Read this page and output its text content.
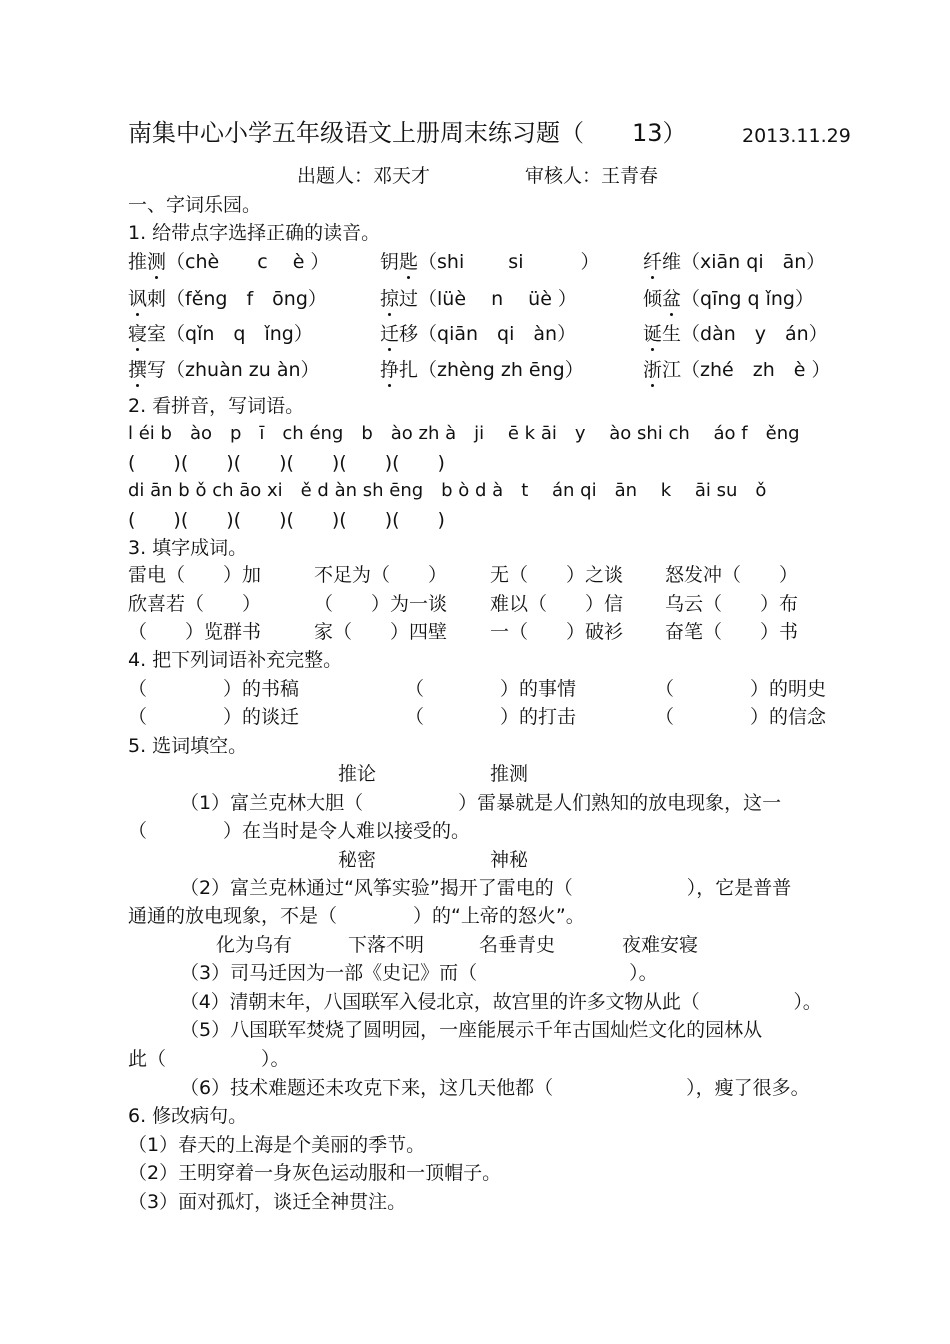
南集中心小学五年级语文上册周末练习题（　　13）	2013.11.29
出题人：邓天才　　　　　审核人：王青春
一、字词乐园。
1. 给带点字选择正确的读音。
推测（chè　　c　 è ）	钥匙（shi　　 si　　　） 纤维（xiān qi　ān）
讽刺（fěng　f　ōng）	掠过（lüè　 n　 üè ）	倾盆（qīng q ǐng）
寝室（qǐn　q　ǐng）	迁移（qiān　qi　àn）	诞生（dàn　y　án）
撰写（zhuàn zu àn）	挣扎（zhèng zh ēng）	浙江（zhé　zh　è ）
2. 看拼音，写词语。
l éi b　ào　p　ī　ch éng　b　ào zh à　ji　 ē k āi　y　 ào shi ch　 áo f　ěng
(　　)(　　)(　　)(　　)(　　)(　　)
di ān b ǒ ch āo xi　ě d àn sh ēng　b ò d à　t　 án qi　ān　 k　 āi su　ǒ
(　　)(　　)(　　)(　　)(　　)(　　)
3. 填字成词。
雷电（　　）加	不足为（　　） 无（　　）之谈 怒发冲（　　）
欣喜若（　　）	（　　）为一谈 难以（　　）信 乌云（　　）布
（　　）览群书	家（　　）四壁 一（　　）破衫 奋笔（　　）书
4. 把下列词语补充完整。
（　　　　）的书稿	（　　　　）的事情	（　　　　）的明史
（　　　　）的谈迁	（　　　　）的打击	（　　　　）的信念
5. 选词填空。
推论	推测
（1）富兰克林大胆（　　　　　）雷暴就是人们熟知的放电现象，这一
（　　　　）在当时是令人难以接受的。
秘密	神秘
（2）富兰克林通过“风筝实验”揭开了雷电的（　　　　　　），它是普普
通通的放电现象，不是（　　　　）的“上帝的怒火”。
化为乌有	下落不明	名垂青史	夜难安寝
（3）司马迁因为一部《史记》而（　　　　　　　　）。
（4）清朝末年，八国联军入侵北京，故宫里的许多文物从此（　　　　　）。
（5）八国联军焚烧了圆明园，一座能展示千年古国灿烂文化的园林从
此（　　　　　）。
（6）技术难题还未攻克下来，这几天他都（　　　　　　　），瘦了很多。
6. 修改病句。
（1）春天的上海是个美丽的季节。
（2）王明穿着一身灰色运动服和一顶帽子。
（3）面对孤灯，谈迁全神贯注。
